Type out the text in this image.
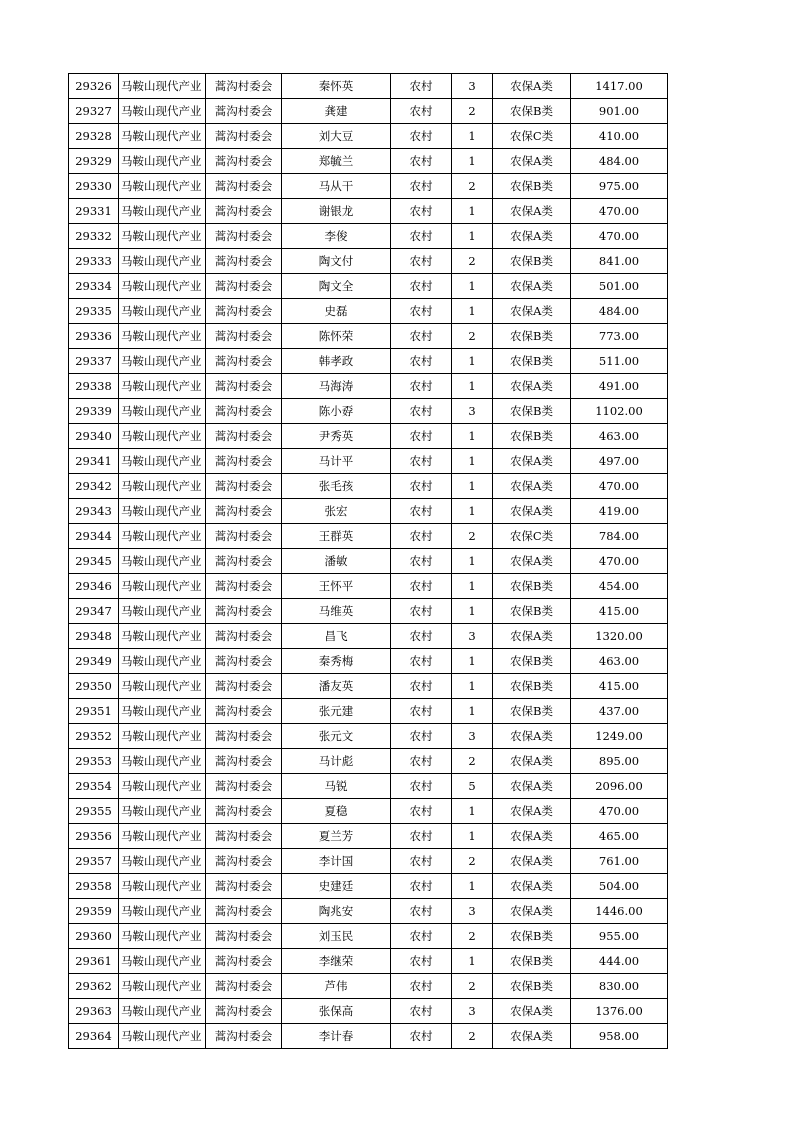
29326	马鞍山现代产业	蒿沟村委会	秦怀英	农村	3	农保A类	1417.00
29327	马鞍山现代产业	蒿沟村委会	龚建	农村	2	农保B类	901.00
29328	马鞍山现代产业	蒿沟村委会	刘大豆	农村	1	农保C类	410.00
29329	马鞍山现代产业	蒿沟村委会	郑毓兰	农村	1	农保A类	484.00
29330	马鞍山现代产业	蒿沟村委会	马从干	农村	2	农保B类	975.00
29331	马鞍山现代产业	蒿沟村委会	谢银龙	农村	1	农保A类	470.00
29332	马鞍山现代产业	蒿沟村委会	李俊	农村	1	农保A类	470.00
29333	马鞍山现代产业	蒿沟村委会	陶文付	农村	2	农保B类	841.00
29334	马鞍山现代产业	蒿沟村委会	陶文全	农村	1	农保A类	501.00
29335	马鞍山现代产业	蒿沟村委会	史磊	农村	1	农保A类	484.00
29336	马鞍山现代产业	蒿沟村委会	陈怀荣	农村	2	农保B类	773.00
29337	马鞍山现代产业	蒿沟村委会	韩孝政	农村	1	农保B类	511.00
29338	马鞍山现代产业	蒿沟村委会	马海涛	农村	1	农保A类	491.00
29339	马鞍山现代产业	蒿沟村委会	陈小孬	农村	3	农保B类	1102.00
29340	马鞍山现代产业	蒿沟村委会	尹秀英	农村	1	农保B类	463.00
29341	马鞍山现代产业	蒿沟村委会	马计平	农村	1	农保A类	497.00
29342	马鞍山现代产业	蒿沟村委会	张毛孩	农村	1	农保A类	470.00
29343	马鞍山现代产业	蒿沟村委会	张宏	农村	1	农保A类	419.00
29344	马鞍山现代产业	蒿沟村委会	王群英	农村	2	农保C类	784.00
29345	马鞍山现代产业	蒿沟村委会	潘敏	农村	1	农保A类	470.00
29346	马鞍山现代产业	蒿沟村委会	王怀平	农村	1	农保B类	454.00
29347	马鞍山现代产业	蒿沟村委会	马维英	农村	1	农保B类	415.00
29348	马鞍山现代产业	蒿沟村委会	昌飞	农村	3	农保A类	1320.00
29349	马鞍山现代产业	蒿沟村委会	秦秀梅	农村	1	农保B类	463.00
29350	马鞍山现代产业	蒿沟村委会	潘友英	农村	1	农保B类	415.00
29351	马鞍山现代产业	蒿沟村委会	张元建	农村	1	农保B类	437.00
29352	马鞍山现代产业	蒿沟村委会	张元文	农村	3	农保A类	1249.00
29353	马鞍山现代产业	蒿沟村委会	马计彪	农村	2	农保A类	895.00
29354	马鞍山现代产业	蒿沟村委会	马锐	农村	5	农保A类	2096.00
29355	马鞍山现代产业	蒿沟村委会	夏稳	农村	1	农保A类	470.00
29356	马鞍山现代产业	蒿沟村委会	夏兰芳	农村	1	农保A类	465.00
29357	马鞍山现代产业	蒿沟村委会	李计国	农村	2	农保A类	761.00
29358	马鞍山现代产业	蒿沟村委会	史建廷	农村	1	农保A类	504.00
29359	马鞍山现代产业	蒿沟村委会	陶兆安	农村	3	农保A类	1446.00
29360	马鞍山现代产业	蒿沟村委会	刘玉民	农村	2	农保B类	955.00
29361	马鞍山现代产业	蒿沟村委会	李继荣	农村	1	农保B类	444.00
29362	马鞍山现代产业	蒿沟村委会	芦伟	农村	2	农保B类	830.00
29363	马鞍山现代产业	蒿沟村委会	张保高	农村	3	农保A类	1376.00
29364	马鞍山现代产业	蒿沟村委会	李计春	农村	2	农保A类	958.00
